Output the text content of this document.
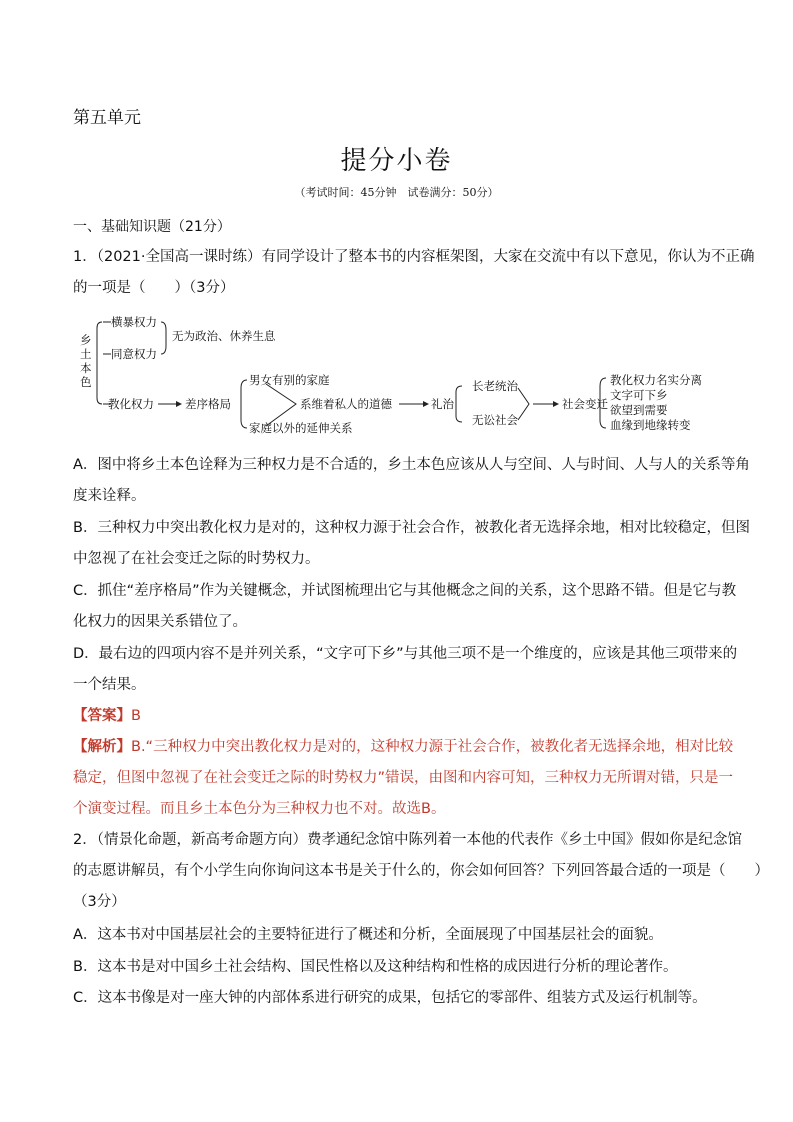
第五单元
提分小卷
（考试时间：45分钟　试卷满分：50分）
一、基础知识题（21分）
1．（2021·全国高一课时练）有同学设计了整本书的内容框架图，大家在交流中有以下意见，你认为不正确
的一项是（　　）（3分）
乡
土
本
色
横暴权力
同意权力
无为政治、休养生息
教化权力	差序格局
男女有别的家庭
家庭以外的延伸关系
系维着私人的道德	礼治
长老统治
无讼社会
社会变迁
教化权力名实分离
文字可下乡
欲望到需要
血缘到地缘转变
A．图中将乡土本色诠释为三种权力是不合适的，乡土本色应该从人与空间、人与时间、人与人的关系等角
度来诠释。
B．三种权力中突出教化权力是对的，这种权力源于社会合作，被教化者无选择余地，相对比较稳定，但图
中忽视了在社会变迁之际的时势权力。
C．抓住“差序格局”作为关键概念，并试图梳理出它与其他概念之间的关系，这个思路不错。但是它与教
化权力的因果关系错位了。
D．最右边的四项内容不是并列关系，“文字可下乡”与其他三项不是一个维度的，应该是其他三项带来的
一个结果。
【答案】B
【解析】B.“三种权力中突出教化权力是对的，这种权力源于社会合作，被教化者无选择余地，相对比较
稳定，但图中忽视了在社会变迁之际的时势权力”错误，由图和内容可知，三种权力无所谓对错，只是一
个演变过程。而且乡土本色分为三种权力也不对。故选B。
2．（情景化命题，新高考命题方向）费孝通纪念馆中陈列着一本他的代表作《乡土中国》假如你是纪念馆
的志愿讲解员，有个小学生向你询问这本书是关于什么的，你会如何回答？下列回答最合适的一项是（　　）
（3分）
A．这本书对中国基层社会的主要特征进行了概述和分析，全面展现了中国基层社会的面貌。
B．这本书是对中国乡土社会结构、国民性格以及这种结构和性格的成因进行分析的理论著作。
C．这本书像是对一座大钟的内部体系进行研究的成果，包括它的零部件、组装方式及运行机制等。
